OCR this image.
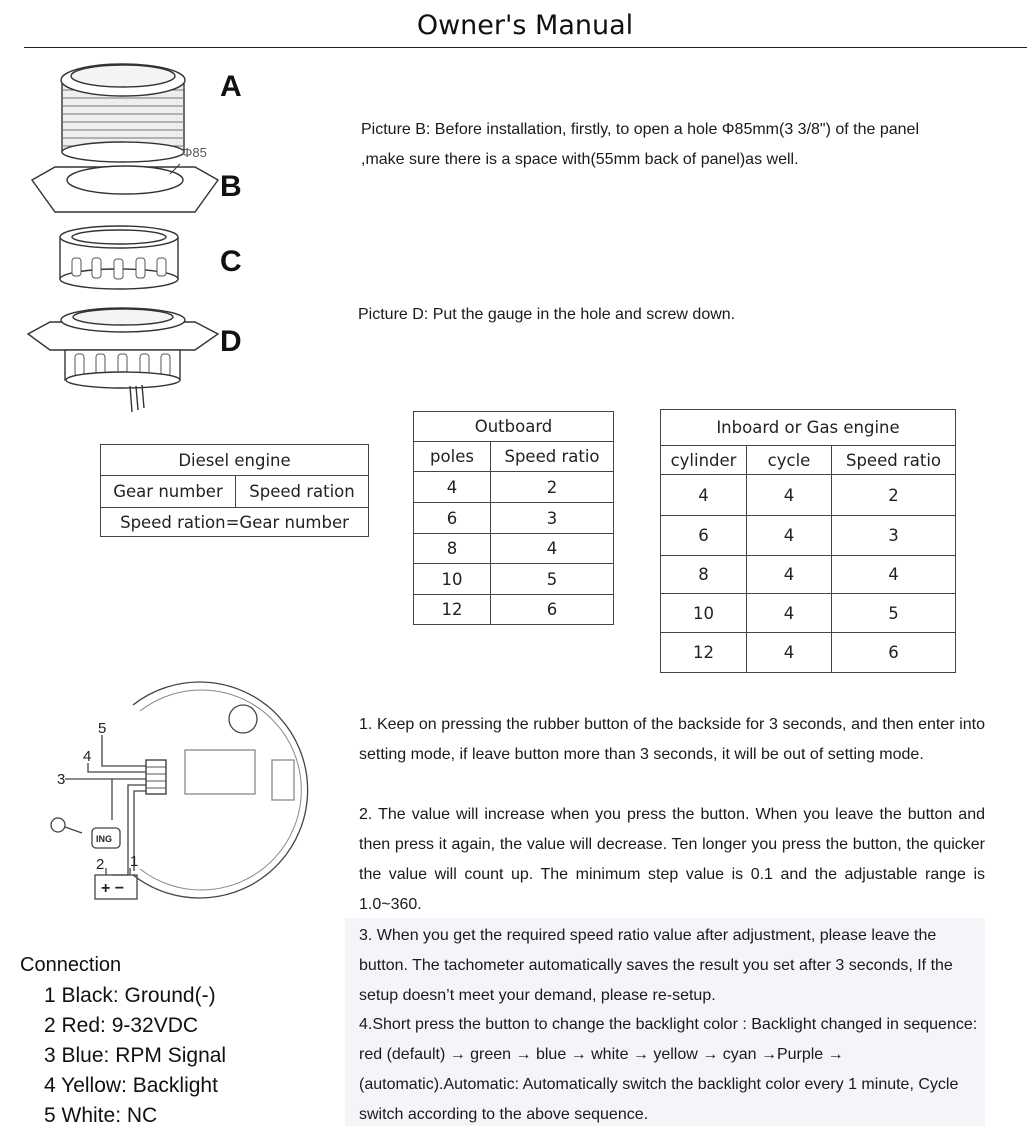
Owner's Manual
Φ85
A
B
C
D
Picture B: Before installation, firstly, to open a hole Φ85mm(3 3/8") of the panel ,make sure there is a space with(55mm back of panel)as well.
Picture D: Put the gauge in the hole and screw down.
Diesel engine
Gear number	Speed ration
Speed ration=Gear number
Outboard	
poles	Speed ratio
4	2
6	3
8	4
10	5
12	6
Inboard or Gas engine		
cylinder	cycle	Speed ratio
4	4	2
6	4	3
8	4	4
10	4	5
12	4	6
5
4
3
2 1
ING
+ −
1. Keep on pressing the rubber button of the backside for 3 seconds, and then enter into setting mode, if leave button more than 3 seconds, it will be out of setting mode.
2. The value will increase when you press the button. When you leave the button and then press it again, the value will decrease. Ten longer you press the button, the quicker the value will count up. The minimum step value is 0.1 and the adjustable range is 1.0~360.
3. When you get the required speed ratio value after adjustment, please leave the button. The tachometer automatically saves the result you set after 3 seconds, If the setup doesn’t meet your demand, please re-setup.
4.Short press the button to change the backlight color : Backlight changed in sequence: red (default) → green → blue → white → yellow → cyan →Purple → (automatic).Automatic: Automatically switch the backlight color every 1 minute, Cycle switch according to the above sequence.
Connection
1 Black: Ground(-)
2 Red: 9-32VDC
3 Blue: RPM Signal
4 Yellow: Backlight
5 White: NC
